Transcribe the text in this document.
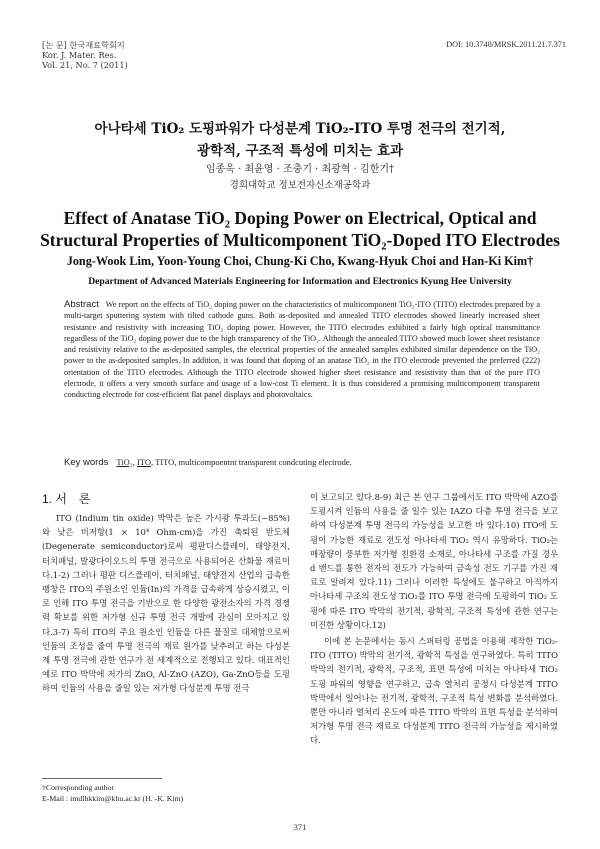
[논 문] 한국재료학회지
Kor. J. Mater. Res.
Vol. 21, No. 7 (2011)
DOI: 10.3740/MRSK.2011.21.7.371
아나타세 TiO₂ 도핑파워가 다성분계 TiO₂-ITO 투명 전극의 전기적,
광학적, 구조적 특성에 미치는 효과
임종욱 · 최윤영 · 조충기 · 최광혁 · 김한기†
경희대학교 정보전자신소재공학과
Effect of Anatase TiO₂ Doping Power on Electrical, Optical and
Structural Properties of Multicomponent TiO₂-Doped ITO Electrodes
Jong-Wook Lim, Yoon-Young Choi, Chung-Ki Cho, Kwang-Hyuk Choi and Han-Ki Kim†
Department of Advanced Materials Engineering for Information and Electronics Kyung Hee University
Abstract We report on the effects of TiO₂ doping power on the characteristics of multicomponent TiO₂-ITO (TITO) electrodes prepared by a multi-target sputtering system with tilted cathode guns. Both as-deposited and annealed TITO electrodes showed linearly increased sheet resistance and resistivity with increasing TiO₂ doping power. However, the TITO electrodes exhibited a fairly high optical transmittance regardless of the TiO₂ doping power due to the high transparency of the TiO₂. Although the annealed TITO showed much lower sheet resistance and resistivity relative to the as-deposited samples, the electrical properties of the annealed samples exhibited similar dependence on the TiO₂ power to the as-deposited samples. In addition, it was found that doping of an anatase TiO₂ in the ITO electrode prevented the preferred (222) orientation of the TITO electrodes. Although the TITO electrode showed higher sheet resistance and resistivity than that of the pure ITO electrode, it offers a very smooth surface and usage of a low-cost Ti element. It is thus considered a promising multicomponent transparent conducting electrode for cost-efficient flat panel displays and photovoltaics.
Key words TiO₂, ITO, TITO, multicompoentnt transparent condcuting electrode.
1. 서　론
ITO (Indium tin oxide) 박막은 높은 가시광 투과도(~85%) 와 낮은 비저항(1 × 10⁴ Ohm-cm)을 가진 축퇴된 반도체 (Degenerate semiconductor)로써 평판디스플레이, 태양전지, 터치패널, 발광다이오드의 투명 전극으로 사용되어온 산화물 재료이다.1-2) 그러나 평판 디스플레이, 터치패널, 태양전지 산업의 급속한 팽창은 ITO의 주원소인 인듐(In)의 가격을 급속하게 상승시켰고, 이로 인해 ITO 투명 전극을 기반으로 한 다양한 광전소자의 가격 경쟁력 확보를 위한 저가형 신규 투명 전극 개발에 관심이 모아지고 있다.3-7) 특히 ITO의 주요 원소인 인듐을 다른 물질로 대체함으로써 인듐의 조성을 줄여 투명 전극의 재료 원가를 낮추려고 하는 다성분계 투명 전극에 관한 연구가 전 세계적으로 진행되고 있다. 대표적인 예로 ITO 박막에 저가의 ZnO, Al-ZnO (AZO), Ga-ZnO등을 도핑하여 인듐의 사용을 줄일 있는 저가형 다성분계 투명 전극

이 보고되고 있다.8-9) 최근 본 연구 그룹에서도 ITO 박막에 AZO를 도핑시켜 인듐의 사용을 줄 일수 있는 IAZO 다층 투명 전극을 보고하여 다성분계 투명 전극의 가능성을 보고한 바 있다.10) ITO에 도핑이 가능한 재료로 전도성 아나타세 TiO₂ 역시 유망하다. TiO₂는 매장량이 풍부한 저가형 친환경 소재로, 아나타세 구조를 가질 경우 d 밴드를 통한 전자의 전도가 가능하여 금속성 전도 기구를 가진 재료로 알려져 있다.11) 그러나 이러한 특성에도 불구하고 아직까지 아나타세 구조의 전도성 TiO₂를 ITO 투명 전극에 도핑하여 TiO₂ 도핑에 따른 ITO 박막의 전기적, 광학적, 구조적 특성에 관한 연구는 미진한 상황이다.12)

이에 본 논문에서는 동시 스퍼터링 공법을 이용해 제작한 TiO₂-ITO (TITO) 박막의 전기적, 광학적 특성을 연구하였다. 특히 TITO 박막의 전기적, 광학적, 구조적, 표면 특성에 미치는 아나타세 TiO₂ 도핑 파워의 영향을 연구하고, 급속 열처리 공정시 다성분계 TITO 박막에서 일어나는 전기적, 광학적, 구조적 특성 변화를 분석하였다. 뿐만 아니라 열처리 온도에 따른 TITO 박막의 표면 특성을 분석하여 저가형 투명 전극 재료로 다성분계 TITO 전극의 가능성을 제시하였다.

†Corresponding author
E-Mail : imdlhkkim@khu.ac.kr (H. -K. Kim)
371
